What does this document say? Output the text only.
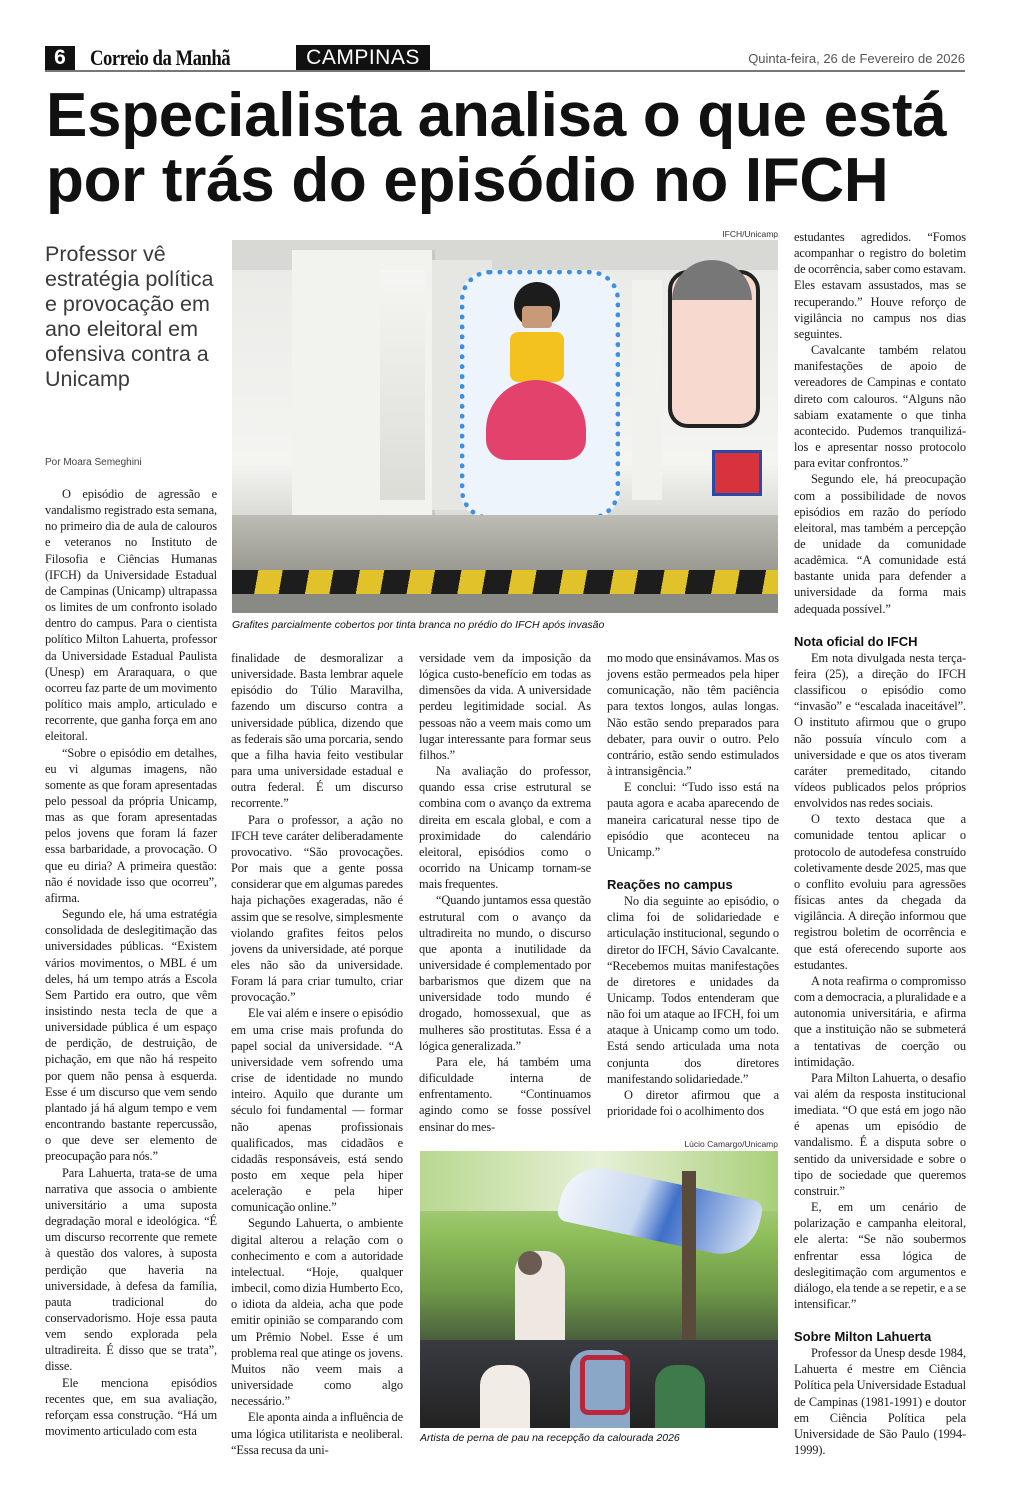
6	Correio da Manhã	CAMPINAS	Quinta-feira, 26 de Fevereiro de 2026
Especialista analisa o que está
por trás do episódio no IFCH
Professor vê estratégia política e provocação em ano eleitoral em ofensiva contra a Unicamp
Por Moara Semeghini
IFCH/Unicamp
Grafites parcialmente cobertos por tinta branca no prédio do IFCH após invasão
Lúcio Camargo/Unicamp
Artista de perna de pau na recepção da calourada 2026

O episódio de agressão e vandalismo registrado esta semana, no primeiro dia de aula de calouros e veteranos no Instituto de Filosofia e Ciências Humanas (IFCH) da Universidade Estadual de Campinas (Unicamp) ultrapassa os limites de um confronto isolado dentro do campus. Para o cientista político Milton Lahuerta, professor da Universidade Estadual Paulista (Unesp) em Araraquara, o que ocorreu faz parte de um movimento político mais amplo, articulado e recorrente, que ganha força em ano eleitoral.

“Sobre o episódio em detalhes, eu vi algumas imagens, não somente as que foram apresentadas pelo pessoal da própria Unicamp, mas as que foram apresentadas pelos jovens que foram lá fazer essa barbaridade, a provocação. O que eu diria? A primeira questão: não é novidade isso que ocorreu”, afirma.

Segundo ele, há uma estratégia consolidada de deslegitimação das universidades públicas. “Existem vários movimentos, o MBL é um deles, há um tempo atrás a Escola Sem Partido era outro, que vêm insistindo nesta tecla de que a universidade pública é um espaço de perdição, de destruição, de pichação, em que não há respeito por quem não pensa à esquerda. Esse é um discurso que vem sendo plantado já há algum tempo e vem encontrando bastante repercussão, o que deve ser elemento de preocupação para nós.”

Para Lahuerta, trata-se de uma narrativa que associa o ambiente universitário a uma suposta degradação moral e ideológica. “É um discurso recorrente que remete à questão dos valores, à suposta perdição que haveria na universidade, à defesa da família, pauta tradicional do conservadorismo. Hoje essa pauta vem sendo explorada pela ultradireita. É disso que se trata”, disse.

Ele menciona episódios recentes que, em sua avaliação, reforçam essa construção. “Há um movimento articulado com esta

finalidade de desmoralizar a universidade. Basta lembrar aquele episódio do Túlio Maravilha, fazendo um discurso contra a universidade pública, dizendo que as federais são uma porcaria, sendo que a filha havia feito vestibular para uma universidade estadual e outra federal. É um discurso recorrente.”

Para o professor, a ação no IFCH teve caráter deliberadamente provocativo. “São provocações. Por mais que a gente possa considerar que em algumas paredes haja pichações exageradas, não é assim que se resolve, simplesmente violando grafites feitos pelos jovens da universidade, até porque eles não são da universidade. Foram lá para criar tumulto, criar provocação.”

Ele vai além e insere o episódio em uma crise mais profunda do papel social da universidade. “A universidade vem sofrendo uma crise de identidade no mundo inteiro. Aquilo que durante um século foi fundamental — formar não apenas profissionais qualificados, mas cidadãos e cidadãs responsáveis, está sendo posto em xeque pela hiper aceleração e pela hiper comunicação online.”

Segundo Lahuerta, o ambiente digital alterou a relação com o conhecimento e com a autoridade intelectual. “Hoje, qualquer imbecil, como dizia Humberto Eco, o idiota da aldeia, acha que pode emitir opinião se comparando com um Prêmio Nobel. Esse é um problema real que atinge os jovens. Muitos não veem mais a universidade como algo necessário.”

Ele aponta ainda a influência de uma lógica utilitarista e neoliberal. “Essa recusa da uni-

versidade vem da imposição da lógica custo-benefício em todas as dimensões da vida. A universidade perdeu legitimidade social. As pessoas não a veem mais como um lugar interessante para formar seus filhos.”

Na avaliação do professor, quando essa crise estrutural se combina com o avanço da extrema direita em escala global, e com a proximidade do calendário eleitoral, episódios como o ocorrido na Unicamp tornam-se mais frequentes.

“Quando juntamos essa questão estrutural com o avanço da ultradireita no mundo, o discurso que aponta a inutilidade da universidade é complementado por barbarismos que dizem que na universidade todo mundo é drogado, homossexual, que as mulheres são prostitutas. Essa é a lógica generalizada.”

Para ele, há também uma dificuldade interna de enfrentamento. “Continuamos agindo como se fosse possível ensinar do mes-

mo modo que ensinávamos. Mas os jovens estão permeados pela hiper comunicação, não têm paciência para textos longos, aulas longas. Não estão sendo preparados para debater, para ouvir o outro. Pelo contrário, estão sendo estimulados à intransigência.”

E conclui: “Tudo isso está na pauta agora e acaba aparecendo de maneira caricatural nesse tipo de episódio que aconteceu na Unicamp.”

Reações no campus

No dia seguinte ao episódio, o clima foi de solidariedade e articulação institucional, segundo o diretor do IFCH, Sávio Cavalcante. “Recebemos muitas manifestações de diretores e unidades da Unicamp. Todos entenderam que não foi um ataque ao IFCH, foi um ataque à Unicamp como um todo. Está sendo articulada uma nota conjunta dos diretores manifestando solidariedade.”

O diretor afirmou que a prioridade foi o acolhimento dos

estudantes agredidos. “Fomos acompanhar o registro do boletim de ocorrência, saber como estavam. Eles estavam assustados, mas se recuperando.” Houve reforço de vigilância no campus nos dias seguintes.

Cavalcante também relatou manifestações de apoio de vereadores de Campinas e contato direto com calouros. “Alguns não sabiam exatamente o que tinha acontecido. Pudemos tranquilizá-los e apresentar nosso protocolo para evitar confrontos.”

Segundo ele, há preocupação com a possibilidade de novos episódios em razão do período eleitoral, mas também a percepção de unidade da comunidade acadêmica. “A comunidade está bastante unida para defender a universidade da forma mais adequada possível.”

Nota oficial do IFCH

Em nota divulgada nesta terça-feira (25), a direção do IFCH classificou o episódio como “invasão” e “escalada inaceitável”. O instituto afirmou que o grupo não possuía vínculo com a universidade e que os atos tiveram caráter premeditado, citando vídeos publicados pelos próprios envolvidos nas redes sociais.

O texto destaca que a comunidade tentou aplicar o protocolo de autodefesa construído coletivamente desde 2025, mas que o conflito evoluiu para agressões físicas antes da chegada da vigilância. A direção informou que registrou boletim de ocorrência e que está oferecendo suporte aos estudantes.

A nota reafirma o compromisso com a democracia, a pluralidade e a autonomia universitária, e afirma que a instituição não se submeterá a tentativas de coerção ou intimidação.

Para Milton Lahuerta, o desafio vai além da resposta institucional imediata. “O que está em jogo não é apenas um episódio de vandalismo. É a disputa sobre o sentido da universidade e sobre o tipo de sociedade que queremos construir.”

E, em um cenário de polarização e campanha eleitoral, ele alerta: “Se não soubermos enfrentar essa lógica de deslegitimação com argumentos e diálogo, ela tende a se repetir, e a se intensificar.”

Sobre Milton Lahuerta

Professor da Unesp desde 1984, Lahuerta é mestre em Ciência Política pela Universidade Estadual de Campinas (1981-1991) e doutor em Ciência Política pela Universidade de São Paulo (1994-1999).
